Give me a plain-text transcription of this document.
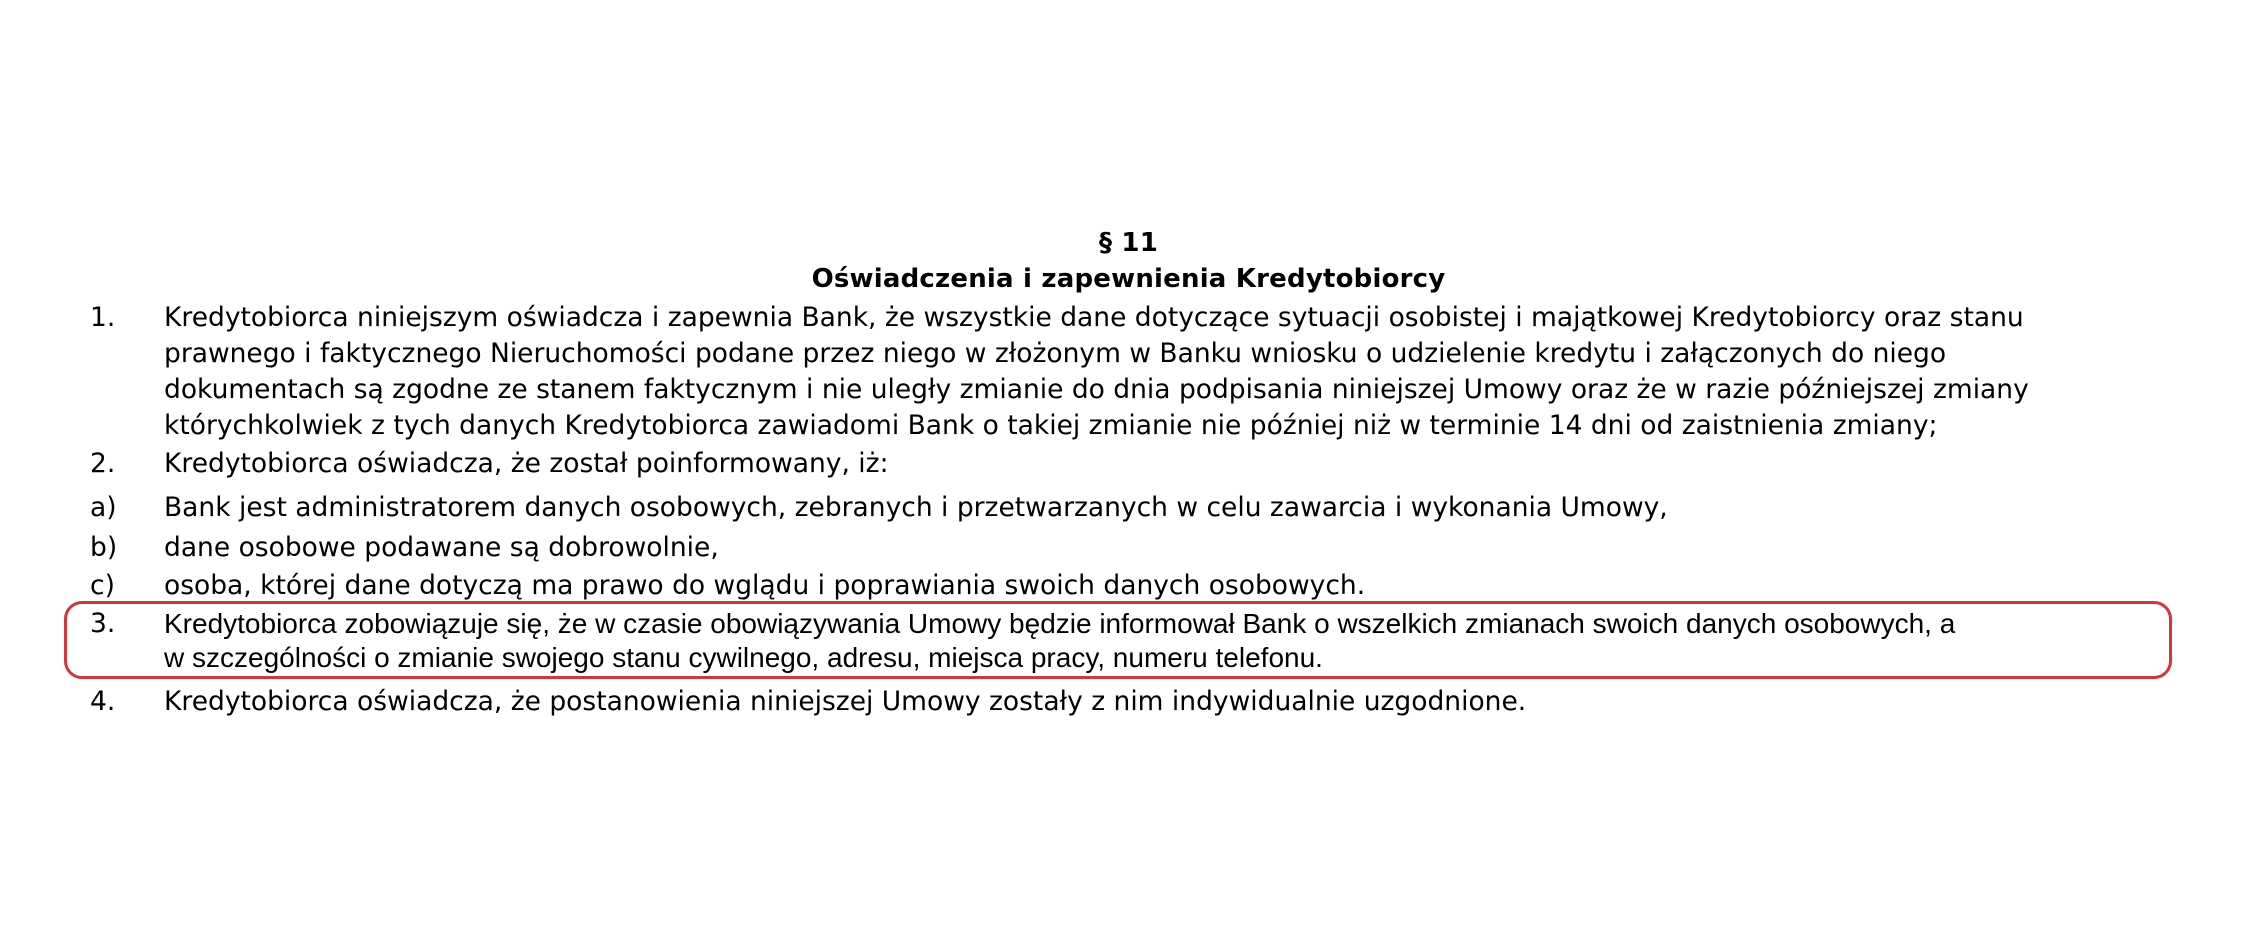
§ 11
Oświadczenia i zapewnienia Kredytobiorcy
1. Kredytobiorca niniejszym oświadcza i zapewnia Bank, że wszystkie dane dotyczące sytuacji osobistej i majątkowej Kredytobiorcy oraz stanu
prawnego i faktycznego Nieruchomości podane przez niego w złożonym w Banku wniosku o udzielenie kredytu i załączonych do niego
dokumentach są zgodne ze stanem faktycznym i nie uległy zmianie do dnia podpisania niniejszej Umowy oraz że w razie późniejszej zmiany
którychkolwiek z tych danych Kredytobiorca zawiadomi Bank o takiej zmianie nie później niż w terminie 14 dni od zaistnienia zmiany;
2. Kredytobiorca oświadcza, że został poinformowany, iż:
a) Bank jest administratorem danych osobowych, zebranych i przetwarzanych w celu zawarcia i wykonania Umowy,
b) dane osobowe podawane są dobrowolnie,
c) osoba, której dane dotyczą ma prawo do wglądu i poprawiania swoich danych osobowych.
3. Kredytobiorca zobowiązuje się, że w czasie obowiązywania Umowy będzie informował Bank o wszelkich zmianach swoich danych osobowych, a
w szczególności o zmianie swojego stanu cywilnego, adresu, miejsca pracy, numeru telefonu.
4. Kredytobiorca oświadcza, że postanowienia niniejszej Umowy zostały z nim indywidualnie uzgodnione.
